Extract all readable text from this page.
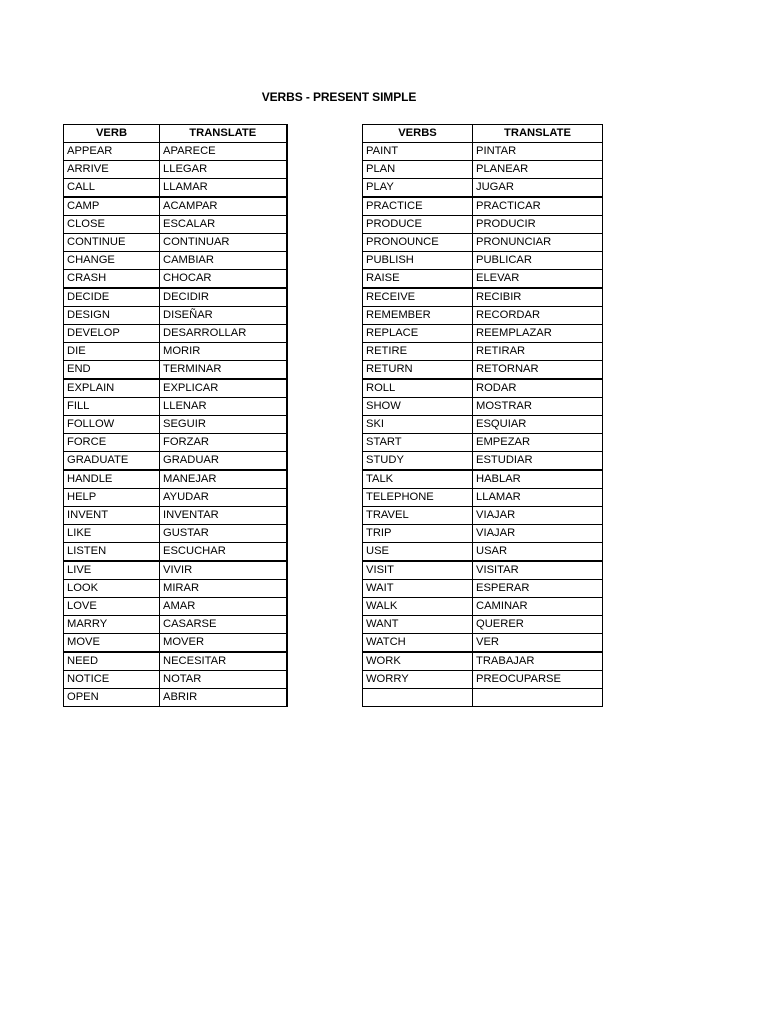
VERBS - PRESENT SIMPLE
VERB	TRANSLATE
APPEAR	APARECE
ARRIVE	LLEGAR
CALL	LLAMAR
CAMP	ACAMPAR
CLOSE	ESCALAR
CONTINUE	CONTINUAR
CHANGE	CAMBIAR
CRASH	CHOCAR
DECIDE	DECIDIR
DESIGN	DISEÑAR
DEVELOP	DESARROLLAR
DIE	MORIR
END	TERMINAR
EXPLAIN	EXPLICAR
FILL	LLENAR
FOLLOW	SEGUIR
FORCE	FORZAR
GRADUATE	GRADUAR
HANDLE	MANEJAR
HELP	AYUDAR
INVENT	INVENTAR
LIKE	GUSTAR
LISTEN	ESCUCHAR
LIVE	VIVIR
LOOK	MIRAR
LOVE	AMAR
MARRY	CASARSE
MOVE	MOVER
NEED	NECESITAR
NOTICE	NOTAR
OPEN	ABRIR
VERBS	TRANSLATE
PAINT	PINTAR
PLAN	PLANEAR
PLAY	JUGAR
PRACTICE	PRACTICAR
PRODUCE	PRODUCIR
PRONOUNCE	PRONUNCIAR
PUBLISH	PUBLICAR
RAISE	ELEVAR
RECEIVE	RECIBIR
REMEMBER	RECORDAR
REPLACE	REEMPLAZAR
RETIRE	RETIRAR
RETURN	RETORNAR
ROLL	RODAR
SHOW	MOSTRAR
SKI	ESQUIAR
START	EMPEZAR
STUDY	ESTUDIAR
TALK	HABLAR
TELEPHONE	LLAMAR
TRAVEL	VIAJAR
TRIP	VIAJAR
USE	USAR
VISIT	VISITAR
WAIT	ESPERAR
WALK	CAMINAR
WANT	QUERER
WATCH	VER
WORK	TRABAJAR
WORRY	PREOCUPARSE
